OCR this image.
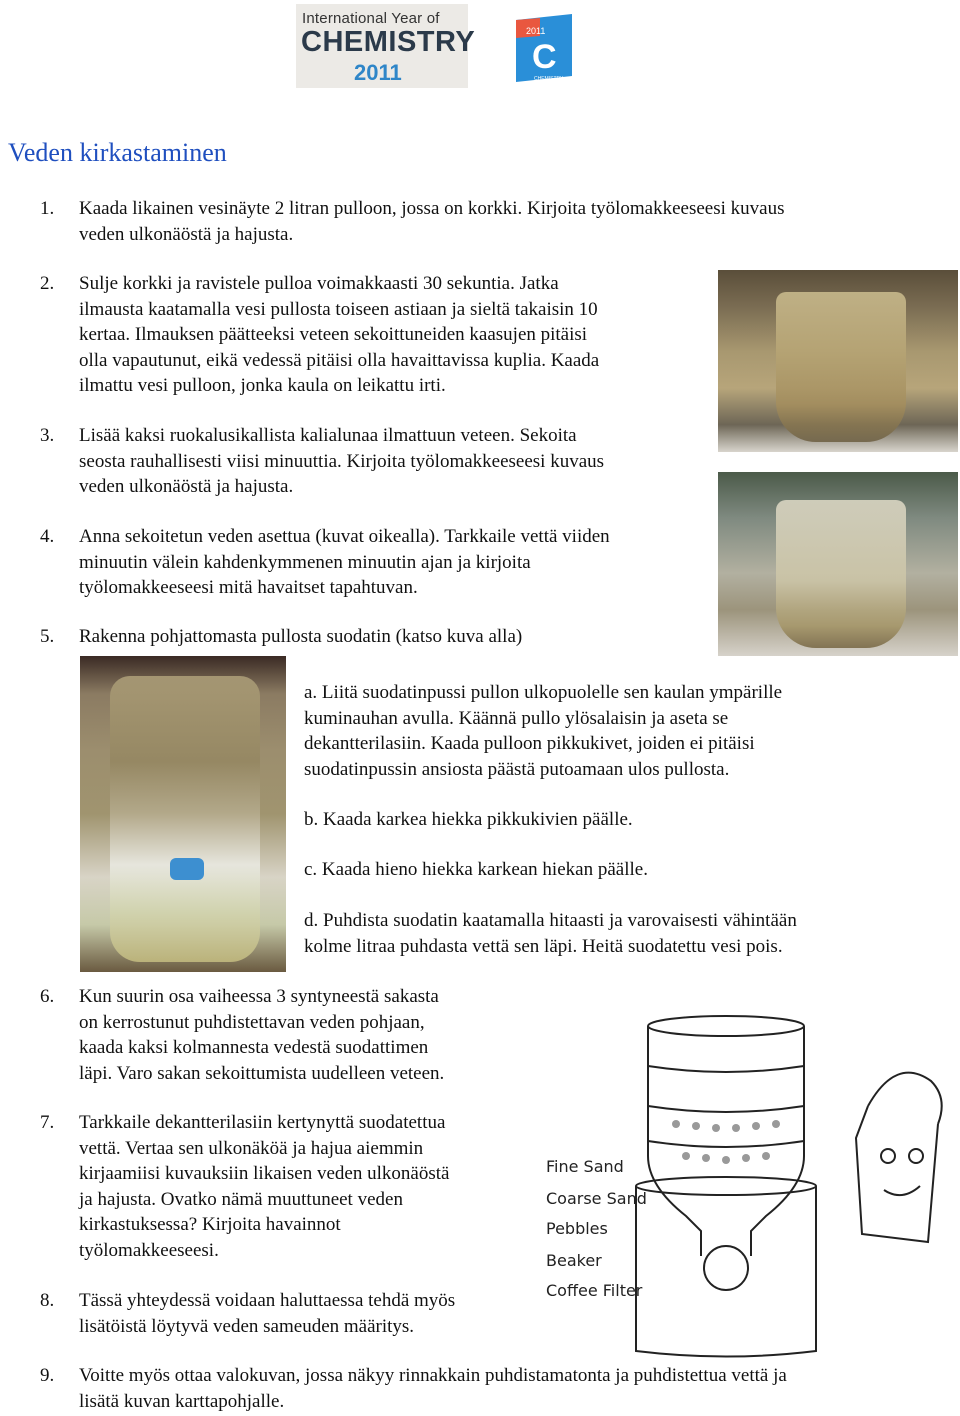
International Year of
CHEMISTRY
2011
2011
C
CHEMISTRY
Veden kirkastaminen
1. Kaada likainen vesinäyte 2 litran pulloon, jossa on korkki. Kirjoita työlomakkeeseesi kuvaus
veden ulkonäöstä ja hajusta.
2. Sulje korkki ja ravistele pulloa voimakkaasti 30 sekuntia. Jatka
ilmausta kaatamalla vesi pullosta toiseen astiaan ja sieltä takaisin 10
kertaa. Ilmauksen päätteeksi veteen sekoittuneiden kaasujen pitäisi
olla vapautunut, eikä vedessä pitäisi olla havaittavissa kuplia. Kaada
ilmattu vesi pulloon, jonka kaula on leikattu irti.
3. Lisää kaksi ruokalusikallista kalialunaa ilmattuun veteen. Sekoita
seosta rauhallisesti viisi minuuttia. Kirjoita työlomakkeeseesi kuvaus
veden ulkonäöstä ja hajusta.
4. Anna sekoitetun veden asettua (kuvat oikealla). Tarkkaile vettä viiden
minuutin välein kahdenkymmenen minuutin ajan ja kirjoita
työlomakkeeseesi mitä havaitset tapahtuvan.
5. Rakenna pohjattomasta pullosta suodatin (katso kuva alla)
a. Liitä suodatinpussi pullon ulkopuolelle sen kaulan ympärille
kuminauhan avulla. Käännä pullo ylösalaisin ja aseta se
dekantterilasiin. Kaada pulloon pikkukivet, joiden ei pitäisi
suodatinpussin ansiosta päästä putoamaan ulos pullosta.
b. Kaada karkea hiekka pikkukivien päälle.
c. Kaada hieno hiekka karkean hiekan päälle.
d. Puhdista suodatin kaatamalla hitaasti ja varovaisesti vähintään
kolme litraa puhdasta vettä sen läpi. Heitä suodatettu vesi pois.
6. Kun suurin osa vaiheessa 3 syntyneestä sakasta
on kerrostunut puhdistettavan veden pohjaan,
kaada kaksi kolmannesta vedestä suodattimen
läpi. Varo sakan sekoittumista uudelleen veteen.
7. Tarkkaile dekantterilasiin kertynyttä suodatettua
vettä. Vertaa sen ulkonäköä ja hajua aiemmin
kirjaamiisi kuvauksiin likaisen veden ulkonäöstä
ja hajusta. Ovatko nämä muuttuneet veden
kirkastuksessa? Kirjoita havainnot
työlomakkeeseesi.
8. Tässä yhteydessä voidaan haluttaessa tehdä myös
lisätöistä löytyvä veden sameuden määritys.
9. Voitte myös ottaa valokuvan, jossa näkyy rinnakkain puhdistamatonta ja puhdistettua vettä ja
lisätä kuvan karttapohjalle.
Fine Sand
Coarse Sand
Pebbles
Beaker
Coffee Filter
